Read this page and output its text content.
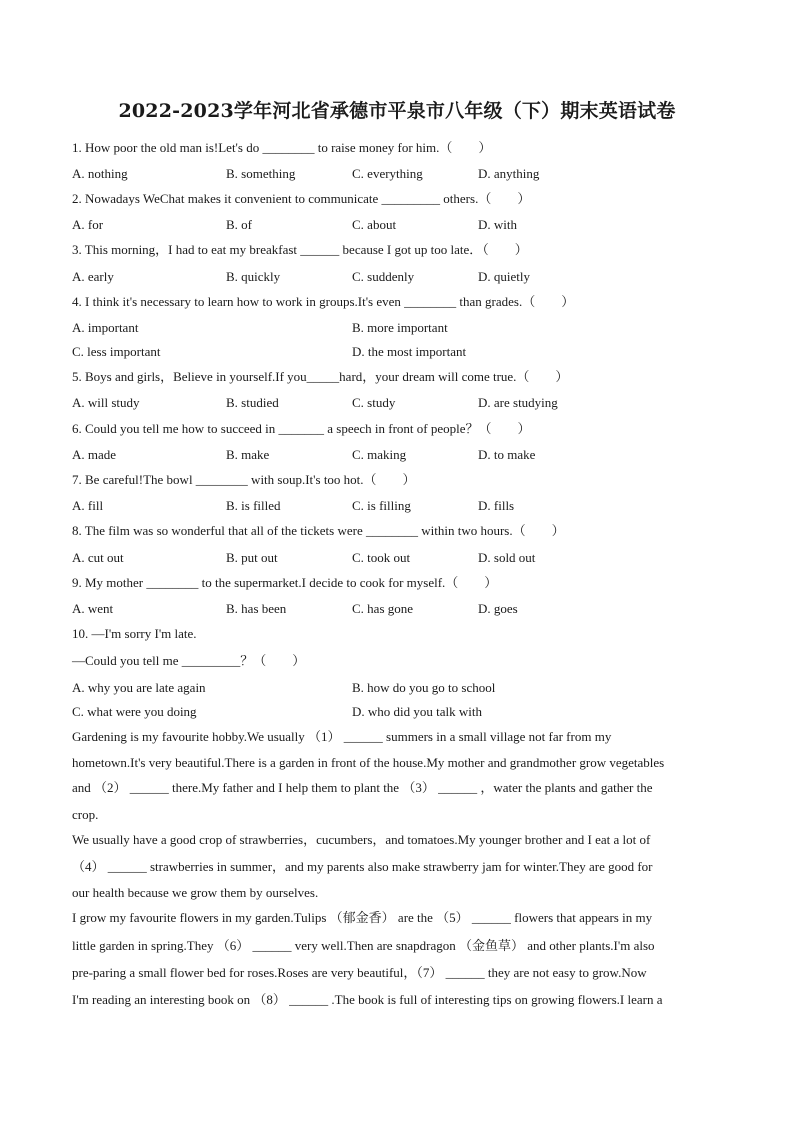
2022-2023学年河北省承德市平泉市八年级（下）期末英语试卷
1. How poor the old man is!Let's do ________ to raise money for him.（　　）
A. nothing	B. something	C. everything	D. anything
2. Nowadays WeChat makes it convenient to communicate _________ others.（　　）
A. for	B. of	C. about	D. with
3. This morning，I had to eat my breakfast ______ because I got up too late．（　　）
A. early	B. quickly	C. suddenly	D. quietly
4. I think it's necessary to learn how to work in groups.It's even ________ than grades.（　　）
A. important	B. more important
C. less important	D. the most important
5. Boys and girls，Believe in yourself.If you_____hard，your dream will come true.（　　）
A. will study	B. studied	C. study	D. are studying
6. Could you tell me how to succeed in _______ a speech in front of people？（　　）
A. made	B. make	C. making	D. to make
7. Be careful!The bowl ________ with soup.It's too hot.（　　）
A. fill	B. is filled	C. is filling	D. fills
8. The film was so wonderful that all of the tickets were ________ within two hours.（　　）
A. cut out	B. put out	C. took out	D. sold out
9. My mother ________ to the supermarket.I decide to cook for myself.（　　）
A. went	B. has been	C. has gone	D. goes
10. —I'm sorry I'm late.
—Could you tell me _________？（　　）
A. why you are late again	B. how do you go to school
C. what were you doing	D. who did you talk with
Gardening is my favourite hobby.We usually （1） ______ summers in a small village not far from my
hometown.It's very beautiful.There is a garden in front of the house.My mother and grandmother grow vegetables
and （2） ______ there.My father and I help them to plant the （3） ______ ，water the plants and gather the
crop.
We usually have a good crop of strawberries，cucumbers，and tomatoes.My younger brother and I eat a lot of
（4） ______ strawberries in summer，and my parents also make strawberry jam for winter.They are good for
our health because we grow them by ourselves.
I grow my favourite flowers in my garden.Tulips （郁金香） are the （5） ______ flowers that appears in my
little garden in spring.They （6） ______ very well.Then are snapdragon （金鱼草） and other plants.I'm also
pre-paring a small flower bed for roses.Roses are very beautiful，（7） ______ they are not easy to grow.Now
I'm reading an interesting book on （8） ______ .The book is full of interesting tips on growing flowers.I learn a
